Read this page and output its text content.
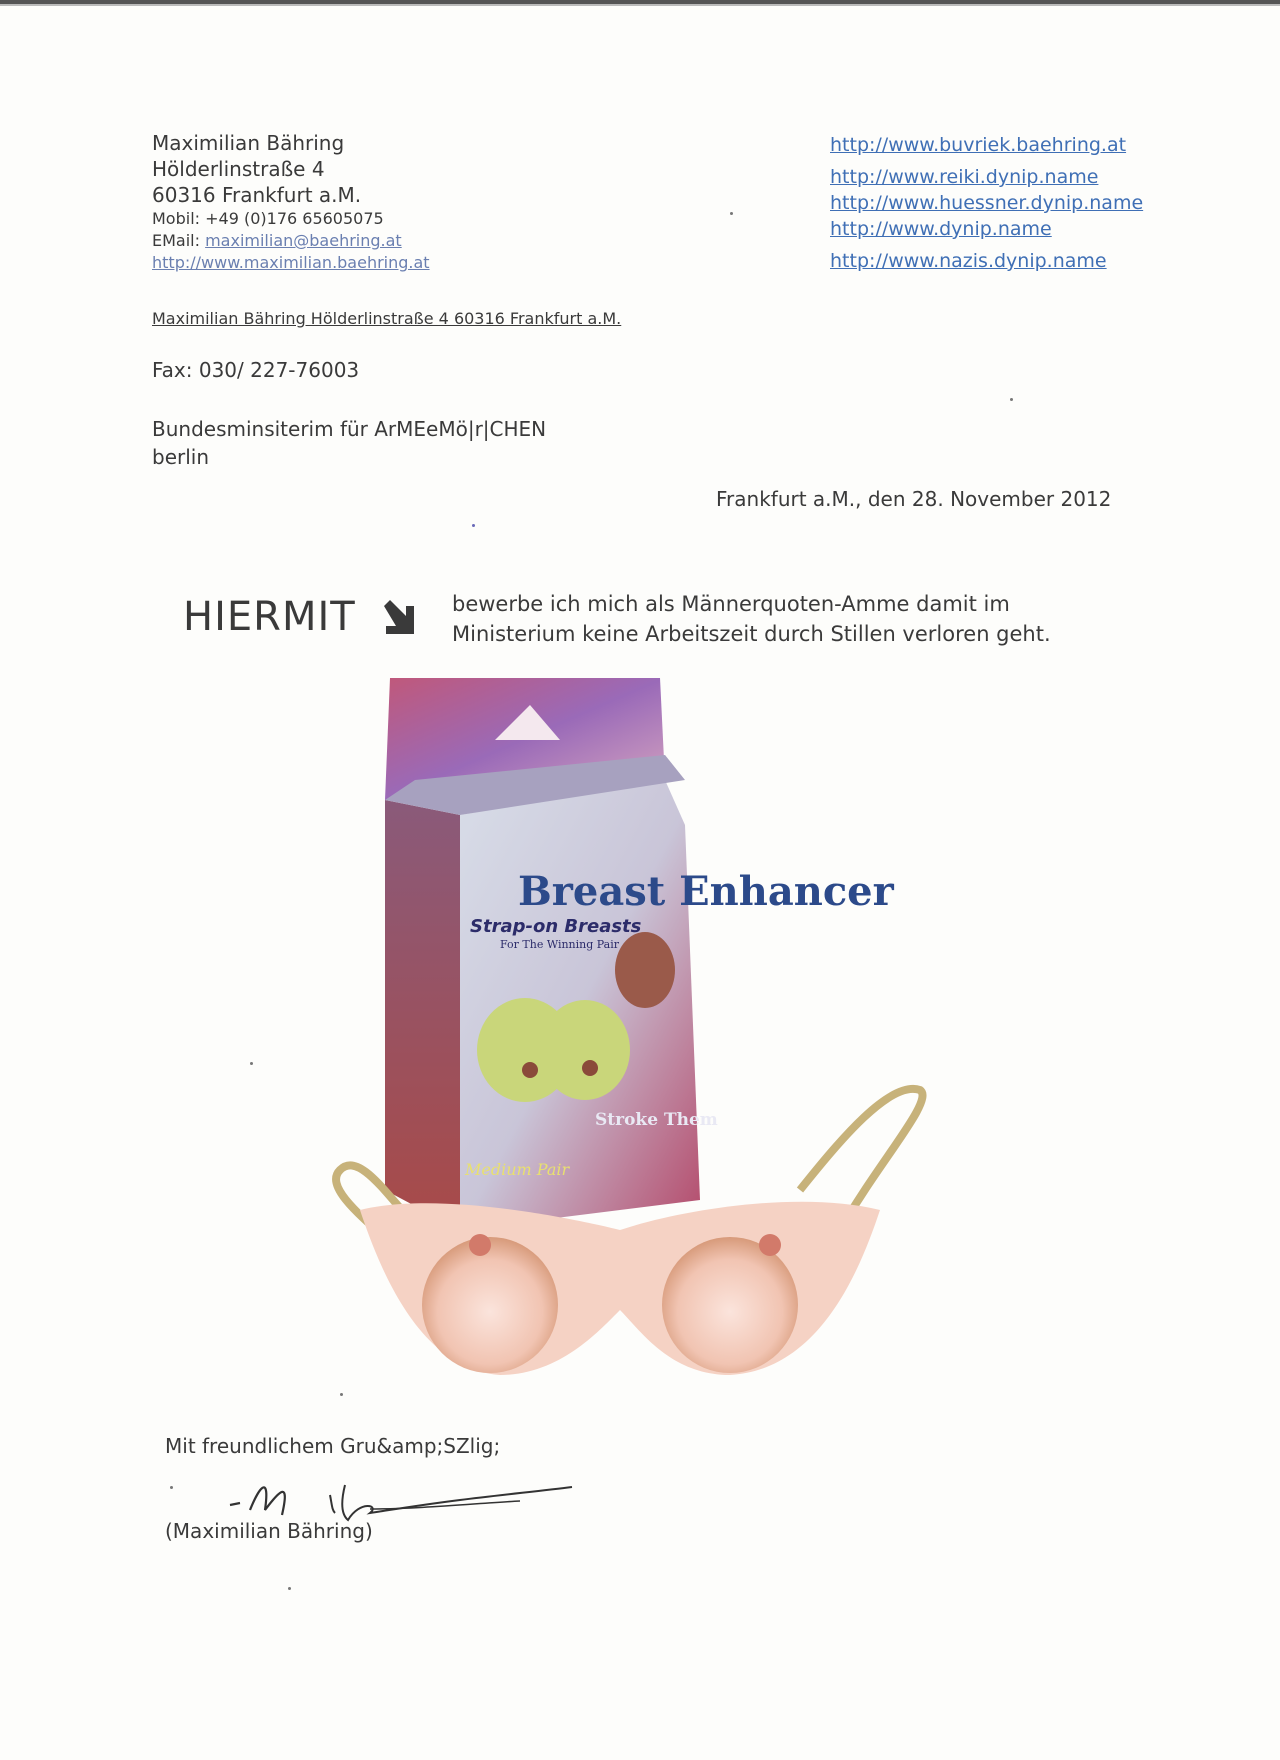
Maximilian Bähring
Hölderlinstraße 4
60316 Frankfurt a.M.
Mobil: +49 (0)176 65605075
EMail: maximilian@baehring.at
http://www.maximilian.baehring.at
http://www.buvriek.baehring.at
http://www.reiki.dynip.name
http://www.huessner.dynip.name
http://www.dynip.name
http://www.nazis.dynip.name
Maximilian Bähring Hölderlinstraße 4 60316 Frankfurt a.M.
Fax: 030/ 227-76003
Bundesminsiterim für ArMEeMö|r|CHEN
berlin
Frankfurt a.M., den 28. November 2012
HIERMIT	bewerbe ich mich als Männerquoten-Amme damit im
Ministerium keine Arbeitszeit durch Stillen verloren geht.
Breast Enhancer
Strap-on Breasts
For The Winning Pair
Medium Pair
Stroke Them
Mit freundlichem Gru&amp;SZlig;
(Maximilian Bähring)
